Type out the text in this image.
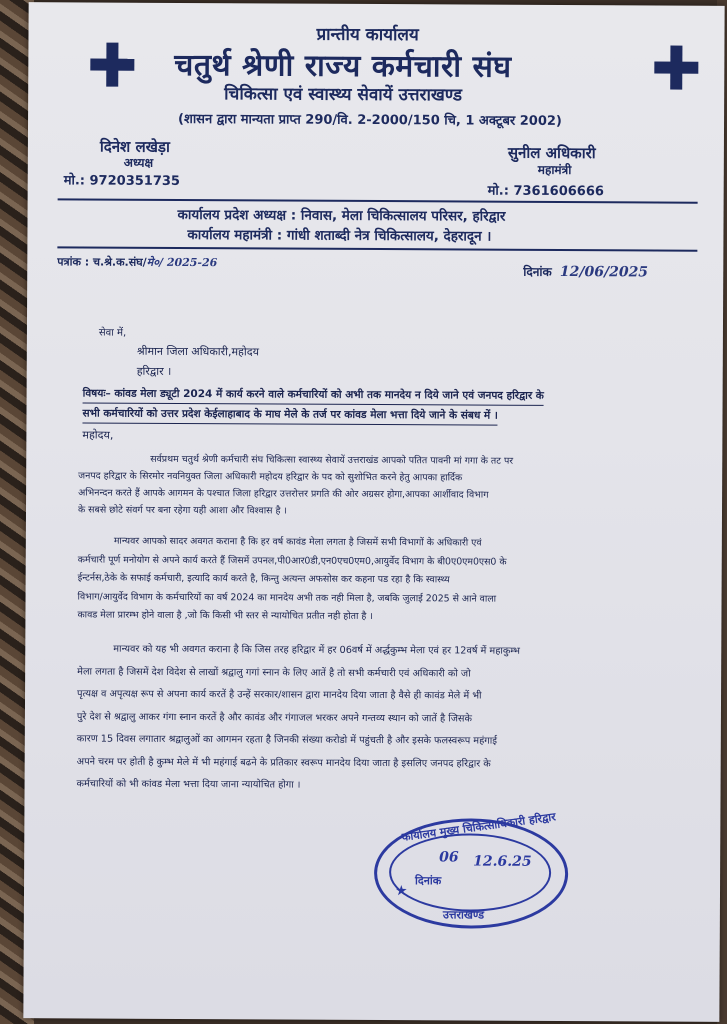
प्रान्तीय कार्यालय
चतुर्थ श्रेणी राज्य कर्मचारी संघ
चिकित्सा एवं स्वास्थ्य सेवायें उत्तराखण्ड
(शासन द्वारा मान्यता प्राप्त 290/वि. 2-2000/150 चि, 1 अक्टूबर 2002)
दिनेश लखेड़ा
अध्यक्ष
मो.: 9720351735
सुनील अधिकारी
महामंत्री
मो.: 7361606666
कार्यालय प्रदेश अध्यक्ष : निवास, मेला चिकित्सालय परिसर, हरिद्वार
कार्यालय महामंत्री : गांधी शताब्दी नेत्र चिकित्सालय, देहरादून ।
पत्रांक : च.श्रे.क.संघ/मे०/ 2025-26
दिनांक 12/06/2025
सेवा में,
श्रीमान जिला अधिकारी,महोदय
हरिद्वार ।
विषयः– कांवड मेला ड्यूटी 2024 में कार्य करने वाले कर्मचारियों को अभी तक मानदेय न दिये जाने एवं जनपद हरिद्वार के
सभी कर्मचारियों को उत्तर प्रदेश केईलाहाबाद के माघ मेले के तर्ज पर कांवड मेला भत्ता दिये जाने के संबध में ।
महोदय,

सर्वप्रथम चतुर्थ श्रेणी कर्मचारी संघ चिकित्सा स्वास्थ्य सेवायें उत्तराखंड आपको पतित पावनी मां गगा के तट पर

जनपद हरिद्वार के सिरमोर नवनियुक्त जिला अधिकारी महोदय हरिद्वार के पद को सुशोभित करने हेतु आपका हार्दिक

अभिनन्दन करते हैं आपके आगमन के पश्चात जिला हरिद्वार उत्तरोत्तर प्रगति की ओर अग्रसर होगा,आपका आर्शीवाद विभाग

के सबसे छोटे संवर्ग पर बना रहेगा यही आशा और विश्वास है ।

मान्यवर आपको सादर अवगत कराना है कि हर वर्ष कावंड मेला लगता है जिसमें सभी विभागों के अधिकारी एवं

कर्मचारी पूर्ण मनोयोग से अपने कार्य करते हैं जिसमें उपनल,पी0आर0डी,एन0एच0एम0,आयुर्वेद विभाग के बी0ए0एम0एस0 के

ईन्टर्नस,ठेके के सफाई कर्मचारी, इत्यादि कार्य करते है, किन्तु अत्यन्त अफसोस कर कहना पड रहा है कि स्वास्थ्य

विभाग/आयुर्वेद विभाग के कर्मचारियों का वर्ष 2024 का मानदेय अभी तक नही मिला है, जबकि जुलाई 2025 से आने वाला

कावड मेला प्रारम्भ होने वाला है ,जो कि किसी भी स्तर से न्यायोचित प्रतीत नही होता है ।

मान्यवर को यह भी अवगत कराना है कि जिस तरह हरिद्वार में हर 06वर्ष में अर्द्धकुम्भ मेला एवं हर 12वर्ष में महाकुम्भ

मेला लगता है जिसमें देश विदेश से लाखों श्रद्वालु गगां स्नान के लिए आतें है तो सभी कर्मचारी एवं अधिकारी को जो

पृत्यक्ष व अपृत्यक्ष रूप से अपना कार्य करतें है उन्हें सरकार/शासन द्वारा मानदेय दिया जाता है वैसे ही कावंड मेले में भी

पुरे देश से श्रद्वालु आकर गंगा स्नान करतें है और कावंड और गंगाजल भरकर अपने गन्तव्य स्थान को जातें है जिसके

कारण 15 दिवस लगातार श्रद्वालुओं का आगमन रहता है जिनकी संख्या करोडो में पहुंचती है और इसके फलस्वरूप महंगाई

अपने चरम पर होती है कुम्भ मेले में भी महंगाई बढने के प्रतिकार स्वरूप मानदेय दिया जाता है इसलिए जनपद हरिद्वार के

कर्मचारियों को भी कांवड मेला भत्ता दिया जाना न्यायोचित होगा ।

कार्यालय मुख्य चिकित्साधिकारी हरिद्वार
उत्तराखण्ड
06 12.6.25
दिनांक
★
